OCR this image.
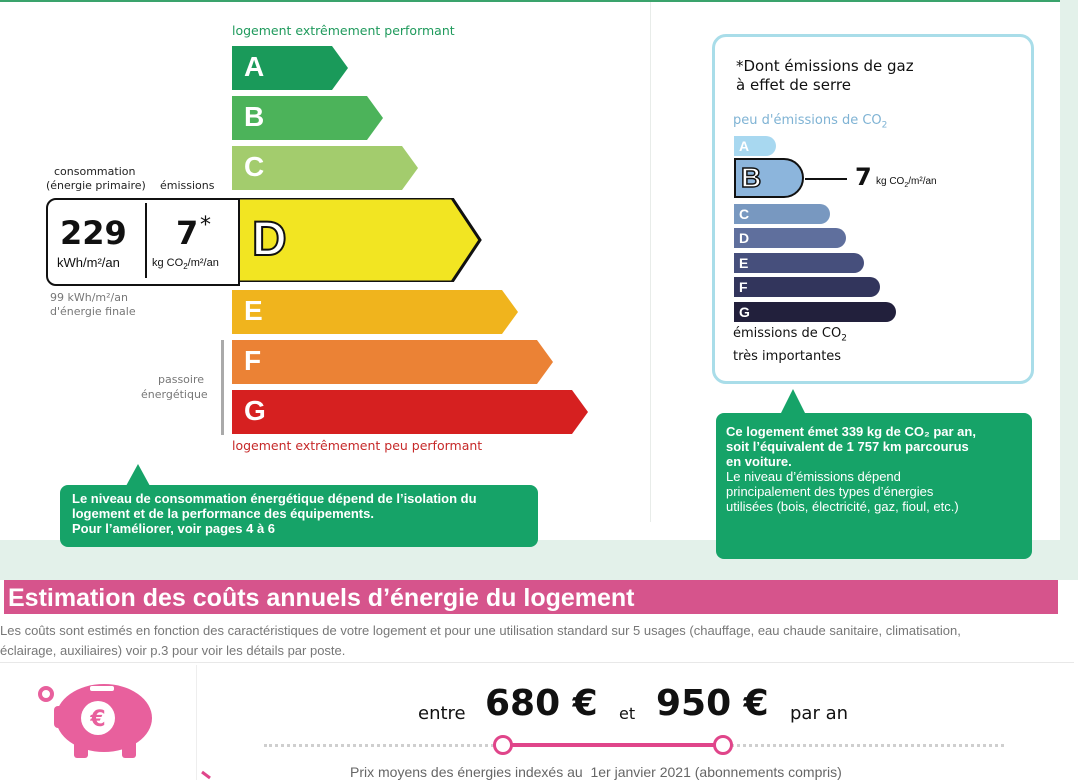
logement extrêmement performant
A
B
C
D
E
F
G
logement extrêmement peu performant
consommation
(énergie primaire) émissions
229
kWh/m²/an
7 *
kg $CO_2/m^2/an$
99 kWh/m²/an
d'énergie finale
passoire
énergétique
Le niveau de consommation énergétique dépend de l’isolation du
logement et de la performance des équipements.
Pour l’améliorer, voir pages 4 à 6
*Dont émissions de gaz
à effet de serre
peu d'émissions de $CO_2$
A
B
C
D
E
F
G
7 kg $CO_2/m^2/an$
émissions de $CO_2$
très importantes
Ce logement émet 339 kg de CO₂ par an,
soit l’équivalent de 1 757 km parcourus
en voiture.
Le niveau d’émissions dépend
principalement des types d’énergies
utilisées (bois, électricité, gaz, fioul, etc.)
Estimation des coûts annuels d’énergie du logement
Les coûts sont estimés en fonction des caractéristiques de votre logement et pour une utilisation standard sur 5 usages (chauffage, eau chaude sanitaire, climatisation,
éclairage, auxiliaires) voir p.3 pour voir les détails par poste.
€	entre 680 € et 950 € par an
Prix moyens des énergies indexés au  1er janvier 2021 (abonnements compris)
